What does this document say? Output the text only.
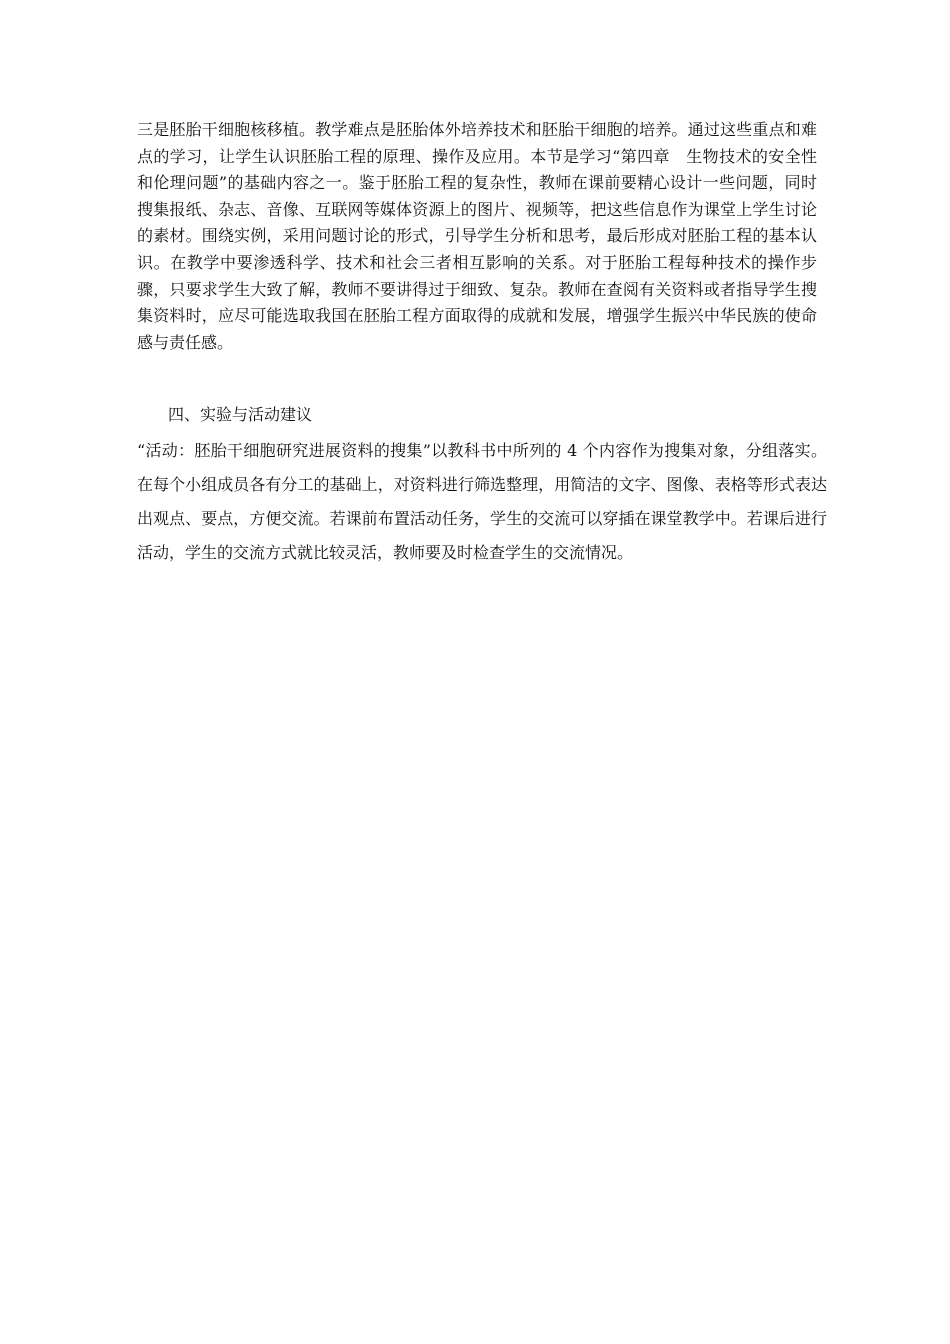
三是胚胎干细胞核移植。教学难点是胚胎体外培养技术和胚胎干细胞的培养。通过这些重点和难点的学习，让学生认识胚胎工程的原理、操作及应用。本节是学习“第四章　生物技术的安全性和伦理问题”的基础内容之一。鉴于胚胎工程的复杂性，教师在课前要精心设计一些问题，同时搜集报纸、杂志、音像、互联网等媒体资源上的图片、视频等，把这些信息作为课堂上学生讨论的素材。围绕实例，采用问题讨论的形式，引导学生分析和思考，最后形成对胚胎工程的基本认识。在教学中要渗透科学、技术和社会三者相互影响的关系。对于胚胎工程每种技术的操作步骤，只要求学生大致了解，教师不要讲得过于细致、复杂。教师在查阅有关资料或者指导学生搜集资料时，应尽可能选取我国在胚胎工程方面取得的成就和发展，增强学生振兴中华民族的使命感与责任感。

四、实验与活动建议

“活动：胚胎干细胞研究进展资料的搜集”以教科书中所列的 4 个内容作为搜集对象，分组落实。在每个小组成员各有分工的基础上，对资料进行筛选整理，用简洁的文字、图像、表格等形式表达出观点、要点，方便交流。若课前布置活动任务，学生的交流可以穿插在课堂教学中。若课后进行活动，学生的交流方式就比较灵活，教师要及时检查学生的交流情况。
